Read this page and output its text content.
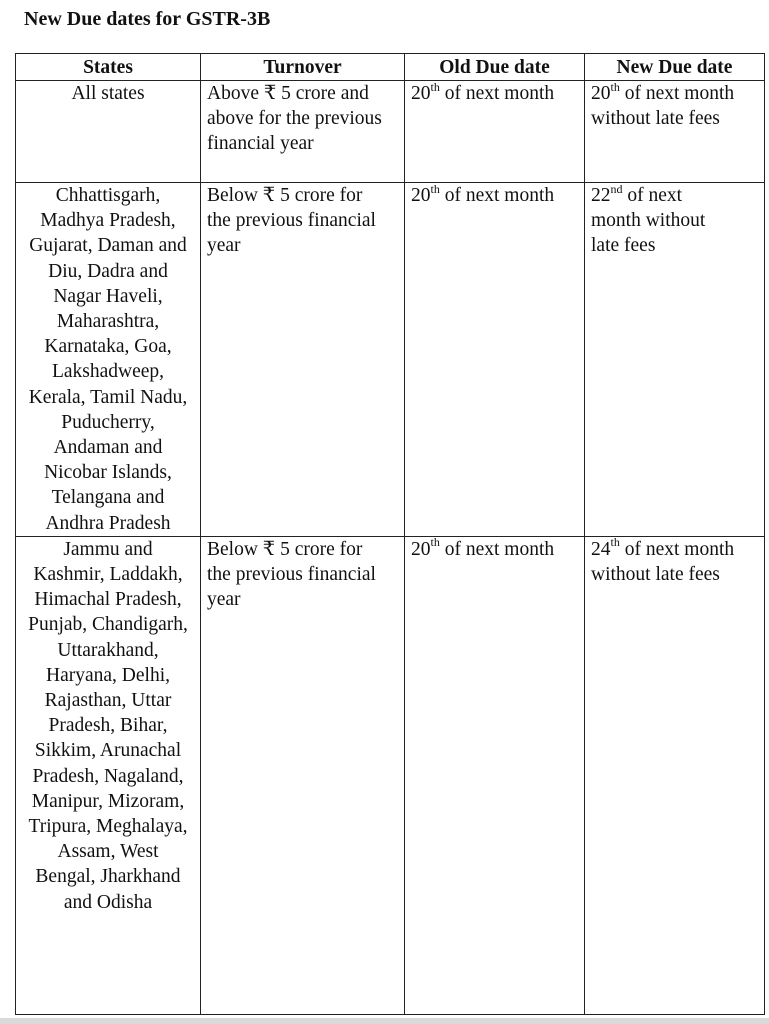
New Due dates for GSTR-3B
States	Turnover	Old Due date	New Due date
All states	Above ₹ 5 crore and above for the previous financial year	20th of next month	20th of next month without late fees
Chhattisgarh, Madhya Pradesh, Gujarat, Daman and Diu, Dadra and Nagar Haveli, Maharashtra, Karnataka, Goa, Lakshadweep, Kerala, Tamil Nadu, Puducherry, Andaman and Nicobar Islands, Telangana and Andhra Pradesh	Below ₹ 5 crore for the previous financial year	20th of next month	22nd of next month without late fees
Jammu and Kashmir, Laddakh, Himachal Pradesh, Punjab, Chandigarh, Uttarakhand, Haryana, Delhi, Rajasthan, Uttar Pradesh, Bihar, Sikkim, Arunachal Pradesh, Nagaland, Manipur, Mizoram, Tripura, Meghalaya, Assam, West Bengal, Jharkhand and Odisha	Below ₹ 5 crore for the previous financial year	20th of next month	24th of next month without late fees
